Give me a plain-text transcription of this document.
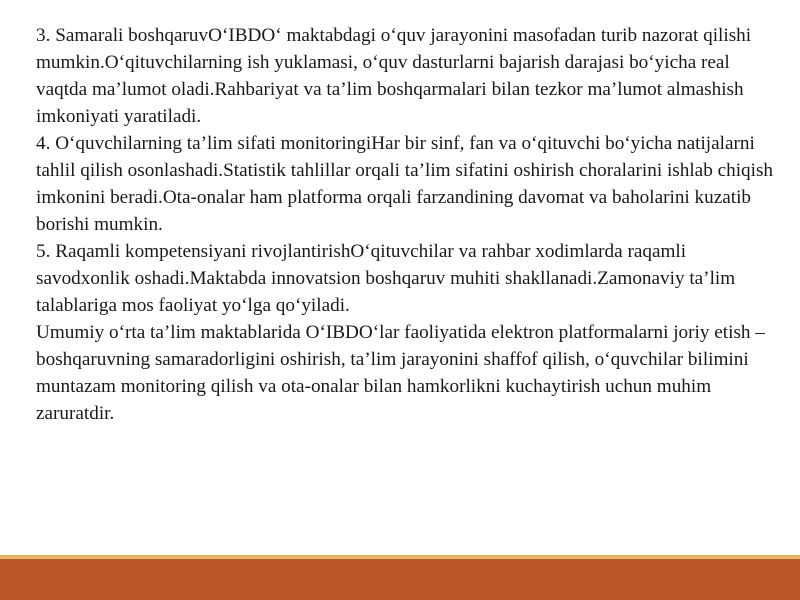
3. Samarali boshqaruvO‘IBDO‘ maktabdagi o‘quv jarayonini masofadan turib nazorat qilishi mumkin.O‘qituvchilarning ish yuklamasi, o‘quv dasturlarni bajarish darajasi bo‘yicha real vaqtda ma’lumot oladi.Rahbariyat va ta’lim boshqarmalari bilan tezkor ma’lumot almashish imkoniyati yaratiladi.

4. O‘quvchilarning ta’lim sifati monitoringiHar bir sinf, fan va o‘qituvchi bo‘yicha natijalarni tahlil qilish osonlashadi.Statistik tahlillar orqali ta’lim sifatini oshirish choralarini ishlab chiqish imkonini beradi.Ota-onalar ham platforma orqali farzandining davomat va baholarini kuzatib borishi mumkin.

5. Raqamli kompetensiyani rivojlantirishO‘qituvchilar va rahbar xodimlarda raqamli savodxonlik oshadi.Maktabda innovatsion boshqaruv muhiti shakllanadi.Zamonaviy ta’lim talablariga mos faoliyat yo‘lga qo‘yiladi.

Umumiy o‘rta ta’lim maktablarida O‘IBDO‘lar faoliyatida elektron platformalarni joriy etish – boshqaruvning samaradorligini oshirish, ta’lim jarayonini shaffof qilish, o‘quvchilar bilimini muntazam monitoring qilish va ota-onalar bilan hamkorlikni kuchaytirish uchun muhim zaruratdir.
